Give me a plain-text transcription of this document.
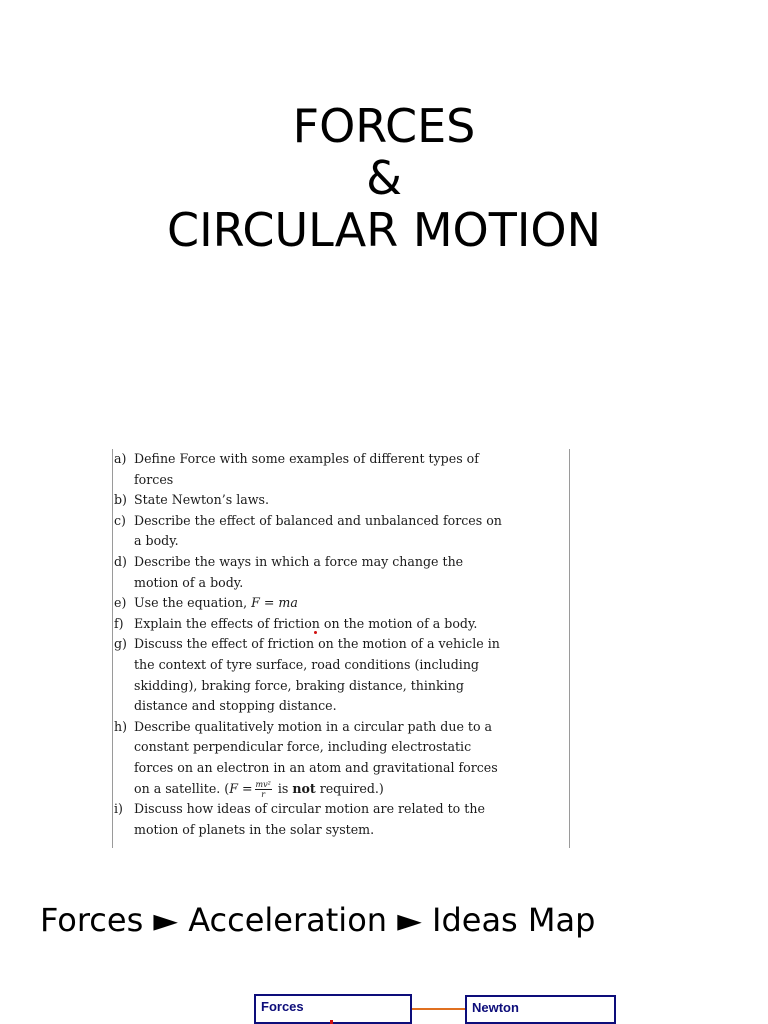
FORCES
&
CIRCULAR MOTION
a) Define Force with some examples of different types of
forces
b) State Newton’s laws.
c) Describe the effect of balanced and unbalanced forces on
a body.
d) Describe the ways in which a force may change the
motion of a body.
e) Use the equation, F = ma
f) Explain the effects of friction on the motion of a body.
g) Discuss the effect of friction on the motion of a vehicle in
the context of tyre surface, road conditions (including
skidding), braking force, braking distance, thinking
distance and stopping distance.
h) Describe qualitatively motion in a circular path due to a
constant perpendicular force, including electrostatic
forces on an electron in an atom and gravitational forces
on a satellite. ($F = \frac{\text{mv²}}{r}$ is not required.)
i) Discuss how ideas of circular motion are related to the
motion of planets in the solar system.
Forces ► Acceleration ► Ideas Map
Forces	Newton
